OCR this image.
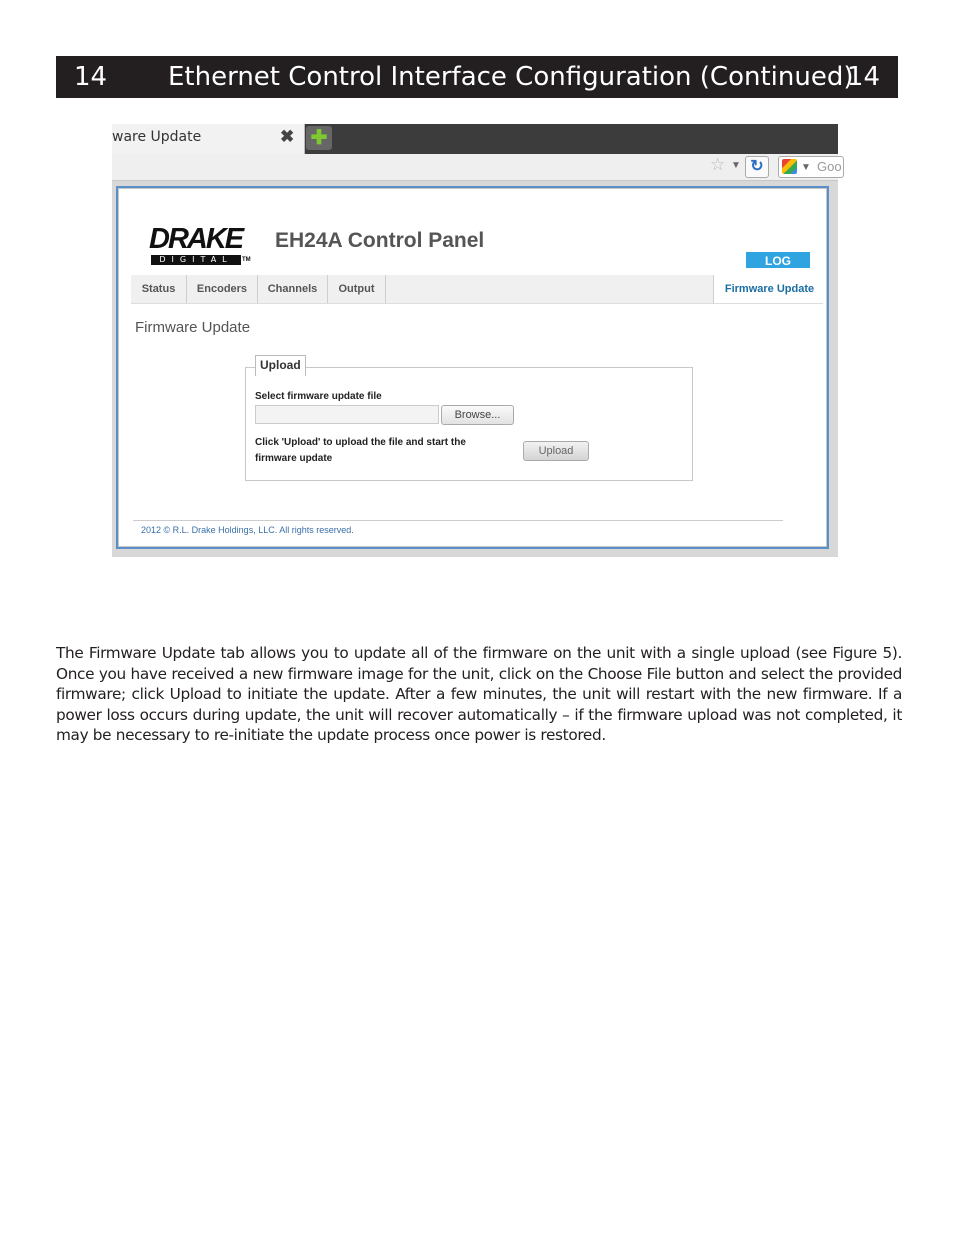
14 Ethernet Control Interface Configuration (Continued)
14
ware Update	✖ ✚
☆ ▼ ↻	▼ Goo
DRAKE
DIGITAL	TM
EH24A Control Panel
LOG
Status	Encoders	Channels	Output	Firmware Update
Firmware Update
Upload
Select firmware update file
Browse...
Click 'Upload' to upload the file and start the firmware update
Upload
2012 © R.L. Drake Holdings, LLC. All rights reserved.

The Firmware Update tab allows you to update all of the firmware on the unit with a single upload (see Figure 5). Once you have received a new firmware image for the unit, click on the Choose File button and select the provided firmware; click Upload to initiate the update. After a few minutes, the unit will restart with the new firmware. If a power loss occurs during update, the unit will recover automatically – if the firmware upload was not completed, it may be necessary to re-initiate the update process once power is restored.
